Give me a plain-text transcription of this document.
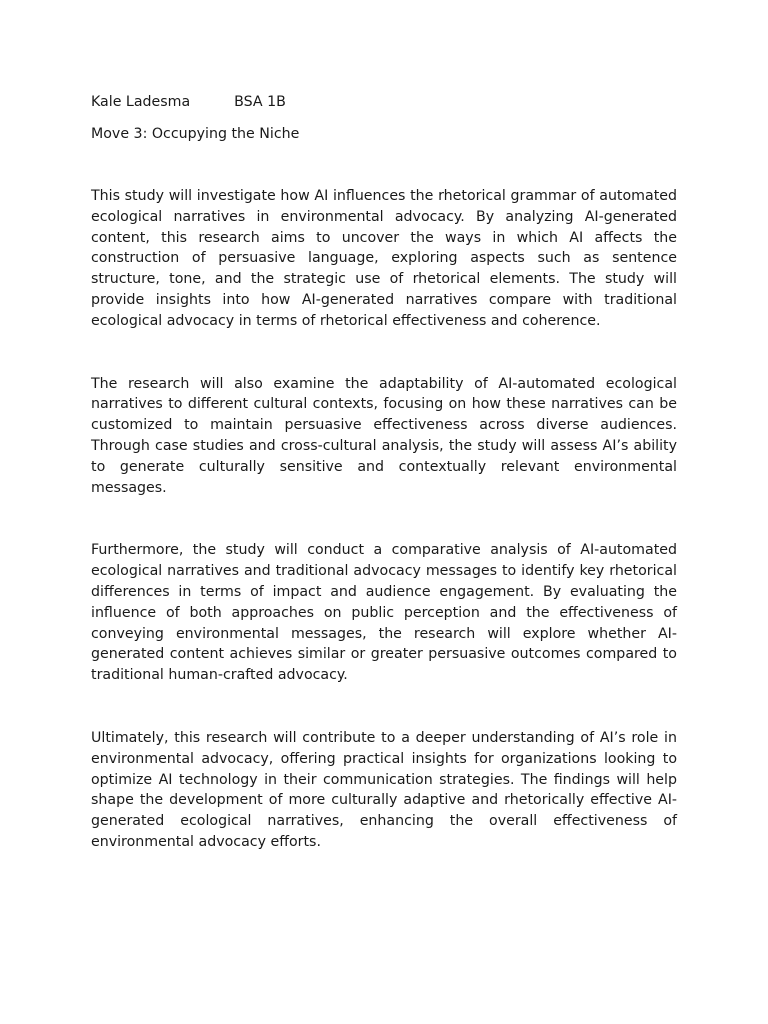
Kale Ladesma	BSA 1B

Move 3: Occupying the Niche

This study will investigate how AI influences the rhetorical grammar of automated ecological narratives in environmental advocacy. By analyzing AI-generated content, this research aims to uncover the ways in which AI affects the construction of persuasive language, exploring aspects such as sentence structure, tone, and the strategic use of rhetorical elements. The study will provide insights into how AI-generated narratives compare with traditional ecological advocacy in terms of rhetorical effectiveness and coherence.

The research will also examine the adaptability of AI-automated ecological narratives to different cultural contexts, focusing on how these narratives can be customized to maintain persuasive effectiveness across diverse audiences. Through case studies and cross-cultural analysis, the study will assess AI’s ability to generate culturally sensitive and contextually relevant environmental messages.

Furthermore, the study will conduct a comparative analysis of AI-automated ecological narratives and traditional advocacy messages to identify key rhetorical differences in terms of impact and audience engagement. By evaluating the influence of both approaches on public perception and the effectiveness of conveying environmental messages, the research will explore whether AI-generated content achieves similar or greater persuasive outcomes compared to traditional human-crafted advocacy.

Ultimately, this research will contribute to a deeper understanding of AI’s role in environmental advocacy, offering practical insights for organizations looking to optimize AI technology in their communication strategies. The findings will help shape the development of more culturally adaptive and rhetorically effective AI-generated ecological narratives, enhancing the overall effectiveness of environmental advocacy efforts.
